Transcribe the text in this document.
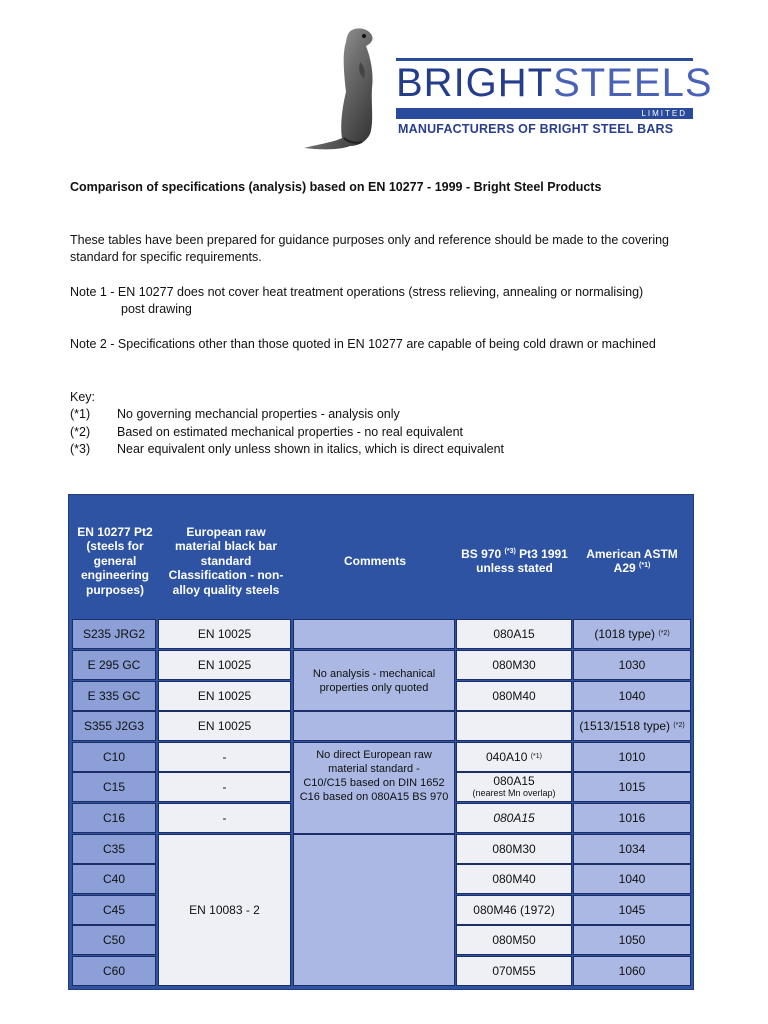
BRIGHTSTEELS
LIMITED
MANUFACTURERS OF BRIGHT STEEL BARS
Comparison of specifications (analysis) based on EN 10277 - 1999 - Bright Steel Products
These tables have been prepared for guidance purposes only and reference should be made to the covering
standard for specific requirements.
Note 1 - EN 10277 does not cover heat treatment operations (stress relieving, annealing or normalising)
post drawing
Note 2 - Specifications other than those quoted in EN 10277 are capable of being cold drawn or machined
Key:
(*1) No governing mechancial properties - analysis only
(*2) Based on estimated mechanical properties - no real equivalent
(*3) Near equivalent only unless shown in italics, which is direct equivalent
EN 10277 Pt2 (steels for general engineering purposes)
European raw material black bar standard Classification - non-alloy quality steels
Comments
BS 970 $^{(*3)}$ Pt3 1991 unless stated
American ASTM A29 $^{(*1)}$
S235 JRG2
E 295 GC
E 335 GC
S355 J2G3
C10
C15
C16
C35
C40
C45
C50
C60
EN 10025
EN 10025
EN 10025
EN 10025
-
-
-
EN 10083 - 2
No analysis - mechanical properties only quoted
No direct European raw
material standard -
C10/C15 based on DIN 1652
C16 based on 080A15 BS 970
080A15
080M30
080M40
040A10
(*1)
080A15
(nearest Mn overlap)
080A15
080M30
080M40
080M46 (1972)
080M50
070M55
(1018 type)
(*2)
1030
1040
(1513/1518 type)
(*2)
1010
1015
1016
1034
1040
1045
1050
1060
